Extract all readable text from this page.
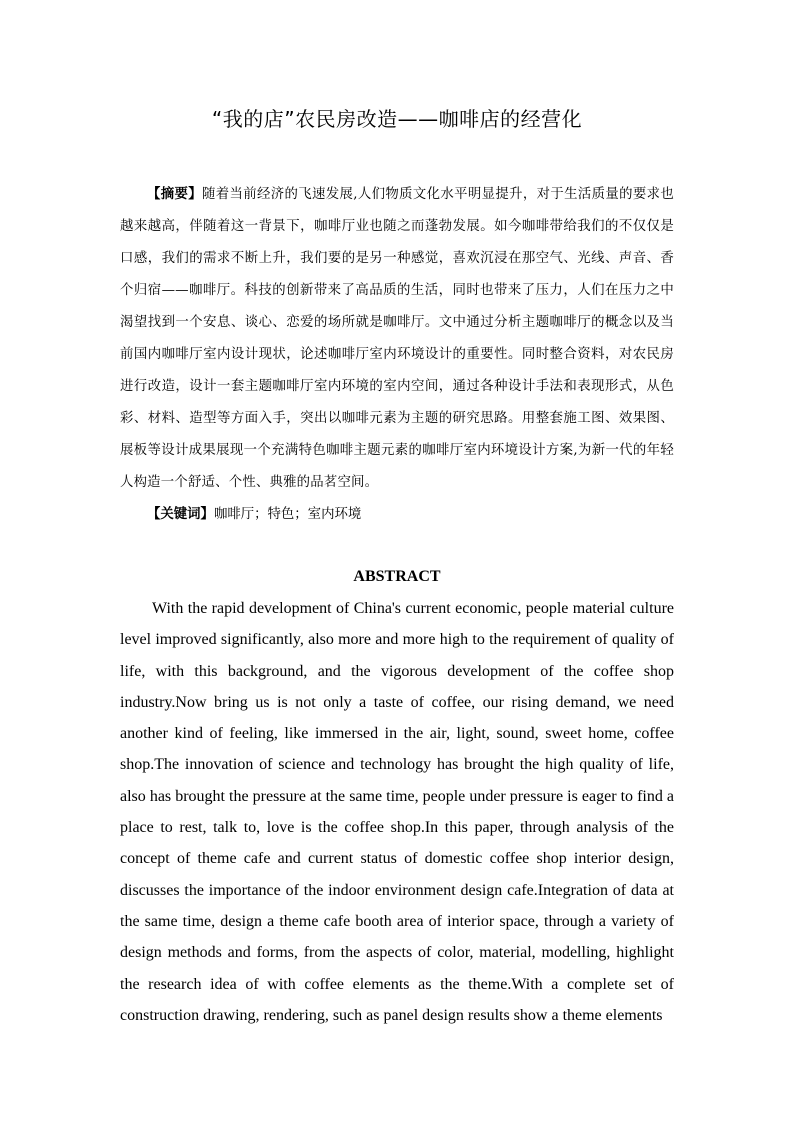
“我的店”农民房改造——咖啡店的经营化

【摘要】随着当前经济的飞速发展,人们物质文化水平明显提升，对于生活质量的要求也越来越高，伴随着这一背景下，咖啡厅业也随之而蓬勃发展。如今咖啡带给我们的不仅仅是口感，我们的需求不断上升，我们要的是另一种感觉，喜欢沉浸在那空气、光线、声音、香个归宿——咖啡厅。科技的创新带来了高品质的生活，同时也带来了压力，人们在压力之中渴望找到一个安息、谈心、恋爱的场所就是咖啡厅。文中通过分析主题咖啡厅的概念以及当前国内咖啡厅室内设计现状，论述咖啡厅室内环境设计的重要性。同时整合资料，对农民房进行改造，设计一套主题咖啡厅室内环境的室内空间，通过各种设计手法和表现形式，从色彩、材料、造型等方面入手，突出以咖啡元素为主题的研究思路。用整套施工图、效果图、展板等设计成果展现一个充满特色咖啡主题元素的咖啡厅室内环境设计方案,为新一代的年轻人构造一个舒适、个性、典雅的品茗空间。

【关键词】咖啡厅；特色；室内环境

ABSTRACT

With the rapid development of China's current economic, people material culture level improved significantly, also more and more high to the requirement of quality of life, with this background, and the vigorous development of the coffee shop industry.Now bring us is not only a taste of coffee, our rising demand, we need another kind of feeling, like immersed in the air, light, sound, sweet home, coffee shop.The innovation of science and technology has brought the high quality of life, also has brought the pressure at the same time, people under pressure is eager to find a place to rest, talk to, love is the coffee shop.In this paper, through analysis of the concept of theme cafe and current status of domestic coffee shop interior design, discusses the importance of the indoor environment design cafe.Integration of data at the same time, design a theme cafe booth area of interior space, through a variety of design methods and forms, from the aspects of color, material, modelling, highlight the research idea of with coffee elements as the theme.With a complete set of construction drawing, rendering, such as panel design results show a theme elements
